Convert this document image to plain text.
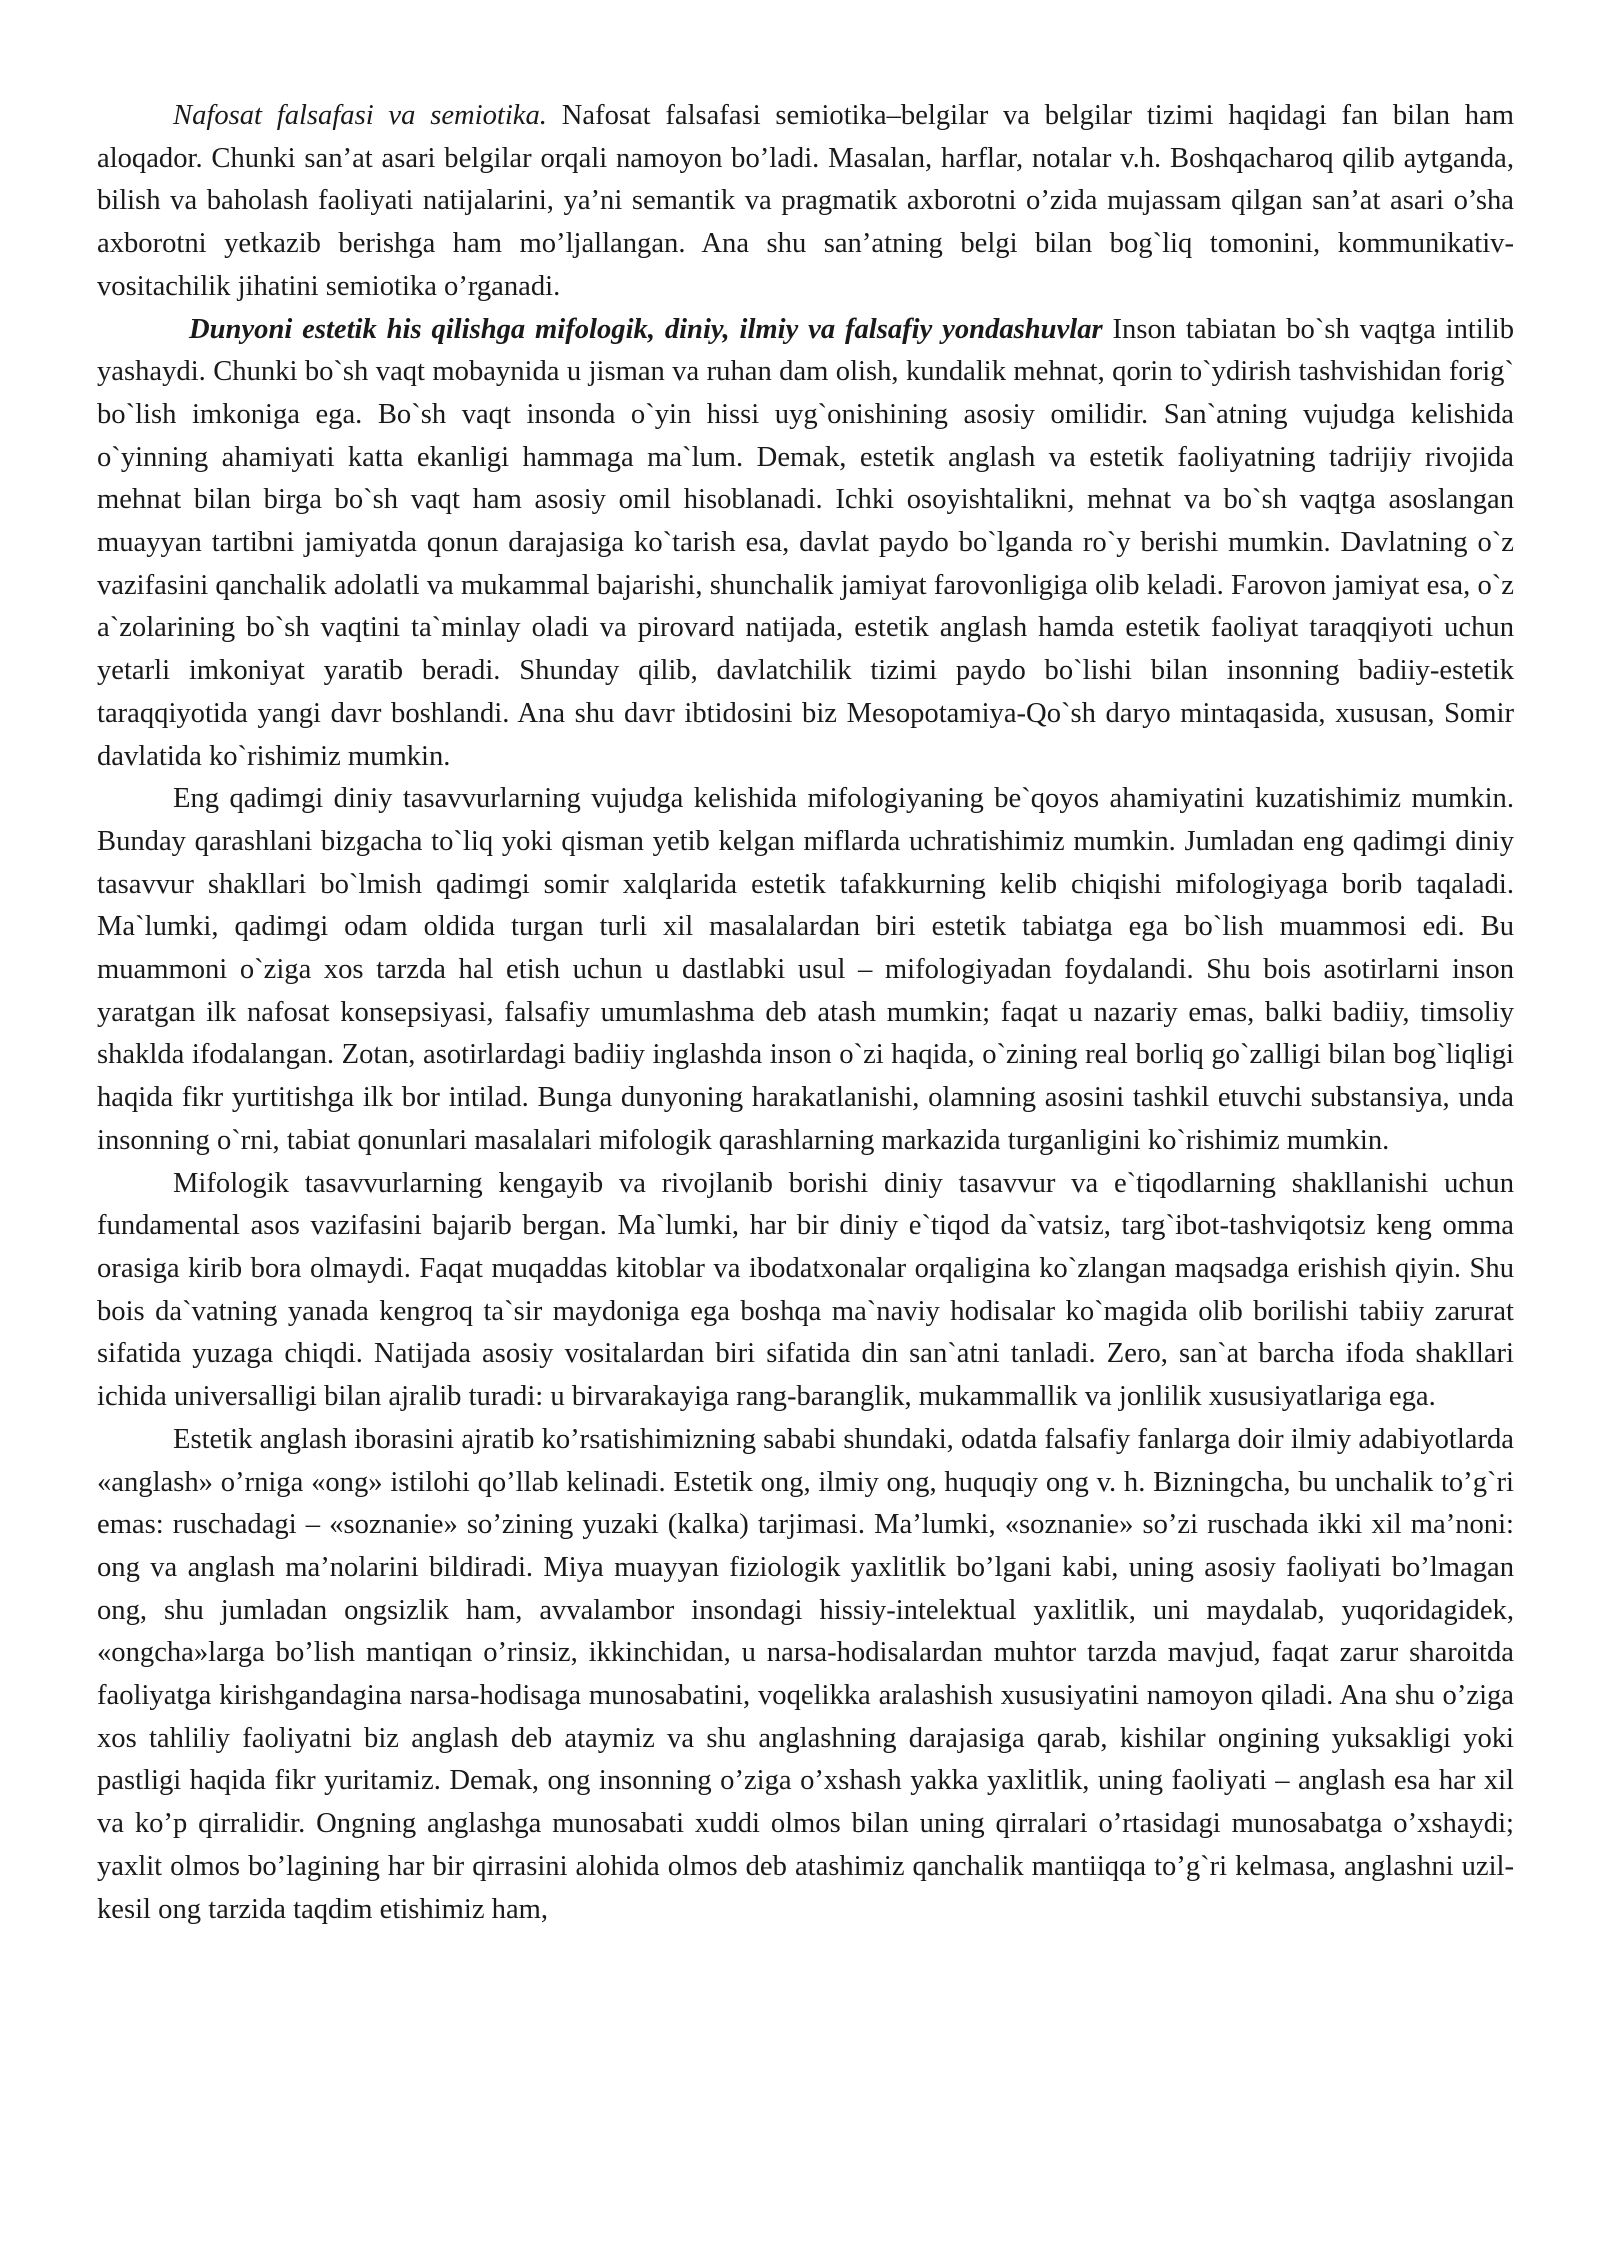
Nafosat falsafasi va semiotika. Nafosat falsafasi semiotika–belgilar va belgilar tizimi haqidagi fan bilan ham aloqador. Chunki san’at asari belgilar orqali namoyon bo’ladi. Masalan, harflar, notalar v.h. Boshqacharoq qilib aytganda, bilish va baholash faoliyati natijalarini, ya’ni semantik va pragmatik axborotni o’zida mujassam qilgan san’at asari o’sha axborotni yetkazib berishga ham mo’ljallangan. Ana shu san’atning belgi bilan bog`liq tomonini, kommunikativ-vositachilik jihatini semiotika o’rganadi.

Dunyoni estetik his qilishga mifologik, diniy, ilmiy va falsafiy yondashuvlar Inson tabiatan bo`sh vaqtga intilib yashaydi. Chunki bo`sh vaqt mobaynida u jisman va ruhan dam olish, kundalik mehnat, qorin to`ydirish tashvishidan forig` bo`lish imkoniga ega. Bo`sh vaqt insonda o`yin hissi uyg`onishining asosiy omilidir. San`atning vujudga kelishida o`yinning ahamiyati katta ekanligi hammaga ma`lum. Demak, estetik anglash va estetik faoliyatning tadrijiy rivojida mehnat bilan birga bo`sh vaqt ham asosiy omil hisoblanadi. Ichki osoyishtalikni, mehnat va bo`sh vaqtga asoslangan muayyan tartibni jamiyatda qonun darajasiga ko`tarish esa, davlat paydo bo`lganda ro`y berishi mumkin. Davlatning o`z vazifasini qanchalik adolatli va mukammal bajarishi, shunchalik jamiyat farovonligiga olib keladi. Farovon jamiyat esa, o`z a`zolarining bo`sh vaqtini ta`minlay oladi va pirovard natijada, estetik anglash hamda estetik faoliyat taraqqiyoti uchun yetarli imkoniyat yaratib beradi. Shunday qilib, davlatchilik tizimi paydo bo`lishi bilan insonning badiiy-estetik taraqqiyotida yangi davr boshlandi. Ana shu davr ibtidosini biz Mesopotamiya-Qo`sh daryo mintaqasida, xususan, Somir davlatida ko`rishimiz mumkin.

Eng qadimgi diniy tasavvurlarning vujudga kelishida mifologiyaning be`qoyos ahamiyatini kuzatishimiz mumkin. Bunday qarashlani bizgacha to`liq yoki qisman yetib kelgan miflarda uchratishimiz mumkin. Jumladan eng qadimgi diniy tasavvur shakllari bo`lmish qadimgi somir xalqlarida estetik tafakkurning kelib chiqishi mifologiyaga borib taqaladi. Ma`lumki, qadimgi odam oldida turgan turli xil masalalardan biri estetik tabiatga ega bo`lish muammosi edi. Bu muammoni o`ziga xos tarzda hal etish uchun u dastlabki usul – mifologiyadan foydalandi. Shu bois asotirlarni inson yaratgan ilk nafosat konsepsiyasi, falsafiy umumlashma deb atash mumkin; faqat u nazariy emas, balki badiiy, timsoliy shaklda ifodalangan. Zotan, asotirlardagi badiiy inglashda inson o`zi haqida, o`zining real borliq go`zalligi bilan bog`liqligi haqida fikr yurtitishga ilk bor intilad. Bunga dunyoning harakatlanishi, olamning asosini tashkil etuvchi substansiya, unda insonning o`rni, tabiat qonunlari masalalari mifologik qarashlarning markazida turganligini ko`rishimiz mumkin.

Mifologik tasavvurlarning kengayib va rivojlanib borishi diniy tasavvur va e`tiqodlarning shakllanishi uchun fundamental asos vazifasini bajarib bergan. Ma`lumki, har bir diniy e`tiqod da`vatsiz, targ`ibot-tashviqotsiz keng omma orasiga kirib bora olmaydi. Faqat muqaddas kitoblar va ibodatxonalar orqaligina ko`zlangan maqsadga erishish qiyin. Shu bois da`vatning yanada kengroq ta`sir maydoniga ega boshqa ma`naviy hodisalar ko`magida olib borilishi tabiiy zarurat sifatida yuzaga chiqdi. Natijada asosiy vositalardan biri sifatida din san`atni tanladi. Zero, san`at barcha ifoda shakllari ichida universalligi bilan ajralib turadi: u birvarakayiga rang-baranglik, mukammallik va jonlilik xususiyatlariga ega.

Estetik anglash iborasini ajratib ko’rsatishimizning sababi shundaki, odatda falsafiy fanlarga doir ilmiy adabiyotlarda «anglash» o’rniga «ong» istilohi qo’llab kelinadi. Estetik ong, ilmiy ong, huquqiy ong v. h. Bizningcha, bu unchalik to’g`ri emas: ruschadagi – «soznanie» so’zining yuzaki (kalka) tarjimasi. Ma’lumki, «soznanie» so’zi ruschada ikki xil ma’noni: ong va anglash ma’nolarini bildiradi. Miya muayyan fiziologik yaxlitlik bo’lgani kabi, uning asosiy faoliyati bo’lmagan ong, shu jumladan ongsizlik ham, avvalambor insondagi hissiy-intelektual yaxlitlik, uni maydalab, yuqoridagidek, «ongcha»larga bo’lish mantiqan o’rinsiz, ikkinchidan, u narsa-hodisalardan muhtor tarzda mavjud, faqat zarur sharoitda faoliyatga kirishgandagina narsa-hodisaga munosabatini, voqelikka aralashish xususiyatini namoyon qiladi. Ana shu o’ziga xos tahliliy faoliyatni biz anglash deb ataymiz va shu anglashning darajasiga qarab, kishilar ongining yuksakligi yoki pastligi haqida fikr yuritamiz. Demak, ong insonning o’ziga o’xshash yakka yaxlitlik, uning faoliyati – anglash esa har xil va ko’p qirralidir. Ongning anglashga munosabati xuddi olmos bilan uning qirralari o’rtasidagi munosabatga o’xshaydi; yaxlit olmos bo’lagining har bir qirrasini alohida olmos deb atashimiz qanchalik mantiiqqa to’g`ri kelmasa, anglashni uzil-kesil ong tarzida taqdim etishimiz ham,
